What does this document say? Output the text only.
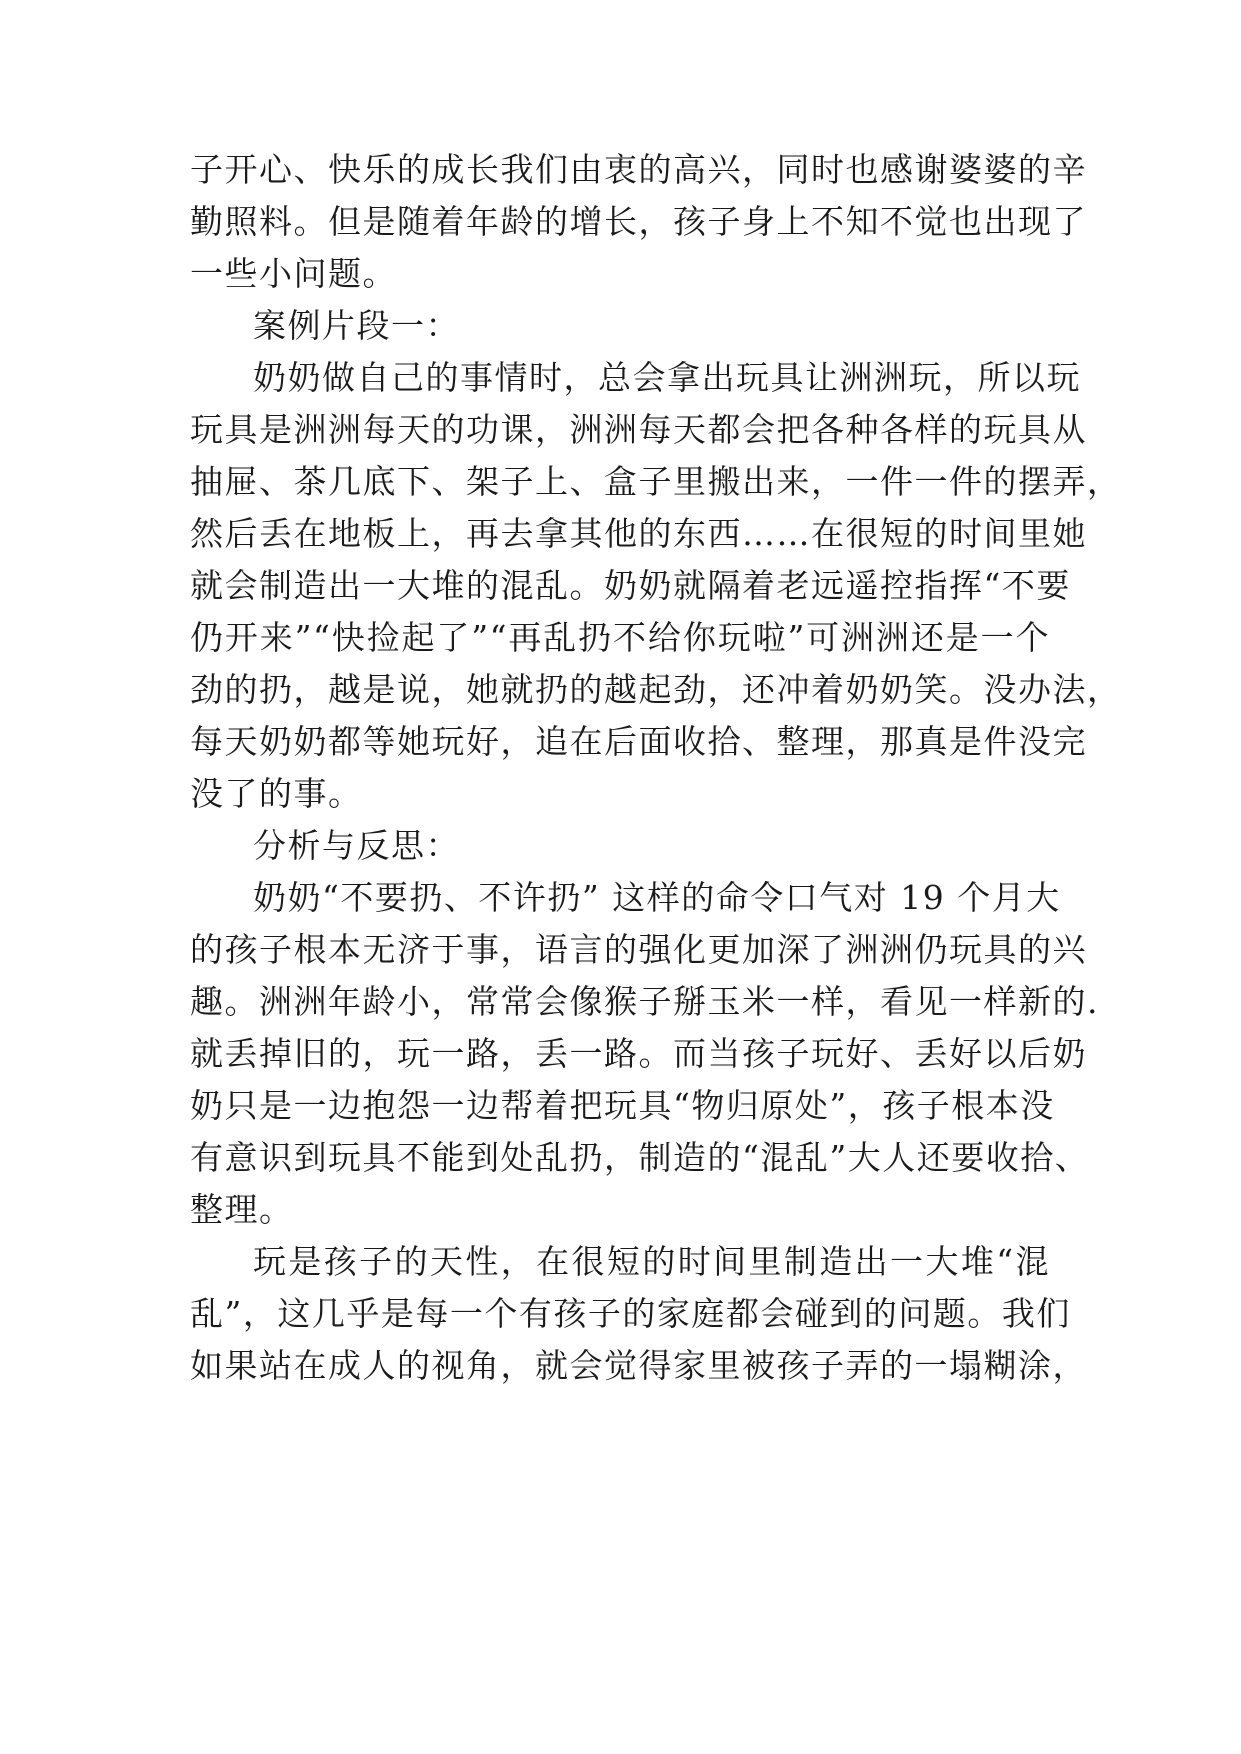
子开心、快乐的成长我们由衷的高兴，同时也感谢婆婆的辛
勤照料。但是随着年龄的增长，孩子身上不知不觉也出现了
一些小问题。
案例片段一：
奶奶做自己的事情时，总会拿出玩具让洲洲玩，所以玩
玩具是洲洲每天的功课，洲洲每天都会把各种各样的玩具从
抽屉、茶几底下、架子上、盒子里搬出来，一件一件的摆弄，
然后丢在地板上，再去拿其他的东西……在很短的时间里她
就会制造出一大堆的混乱。奶奶就隔着老远遥控指挥“不要
仍开来”“快捡起了”“再乱扔不给你玩啦”可洲洲还是一个
劲的扔，越是说，她就扔的越起劲，还冲着奶奶笑。没办法，
每天奶奶都等她玩好，追在后面收拾、整理，那真是件没完
没了的事。
分析与反思：
奶奶“不要扔、不许扔” 这样的命令口气对 19 个月大
的孩子根本无济于事，语言的强化更加深了洲洲仍玩具的兴
趣。洲洲年龄小，常常会像猴子掰玉米一样，看见一样新的.
就丢掉旧的，玩一路，丢一路。而当孩子玩好、丢好以后奶
奶只是一边抱怨一边帮着把玩具“物归原处”，孩子根本没
有意识到玩具不能到处乱扔，制造的“混乱”大人还要收拾、
整理。
玩是孩子的天性，在很短的时间里制造出一大堆“混
乱”，这几乎是每一个有孩子的家庭都会碰到的问题。我们
如果站在成人的视角，就会觉得家里被孩子弄的一塌糊涂，
